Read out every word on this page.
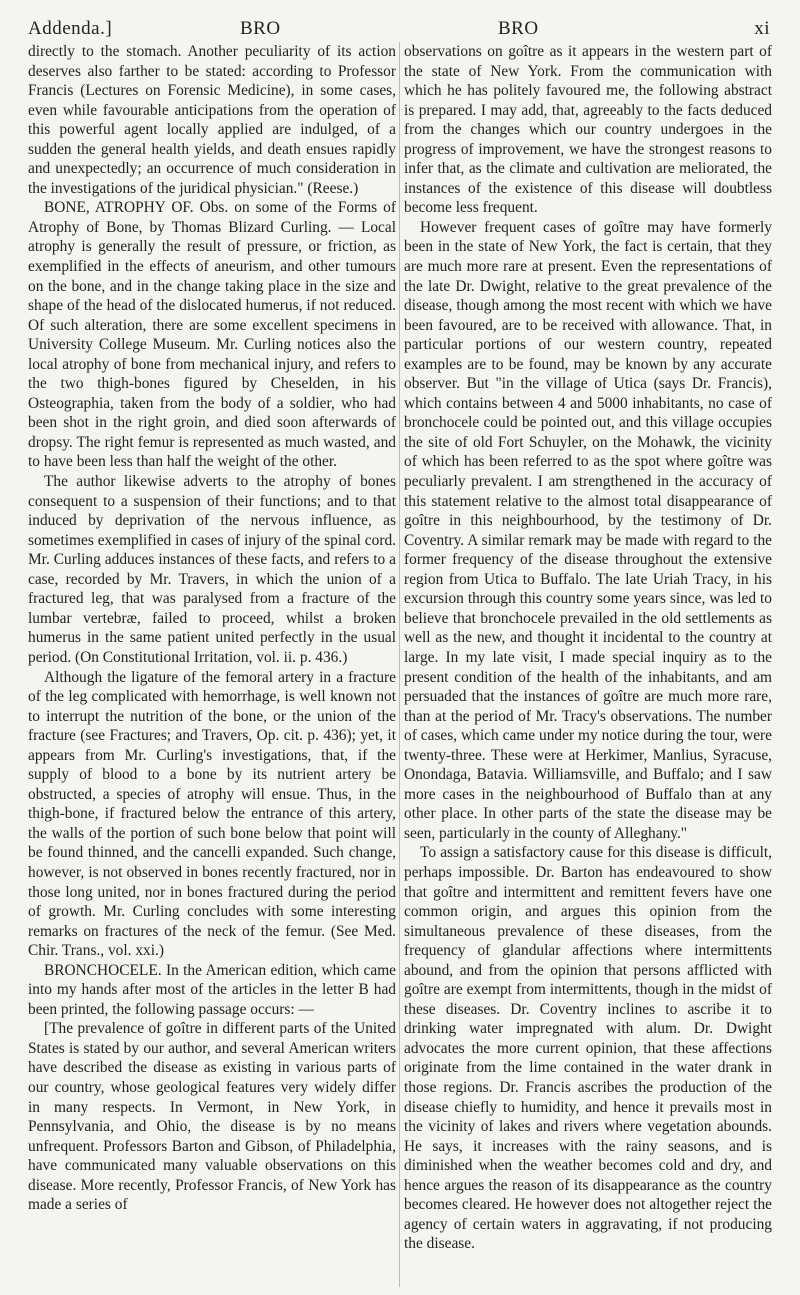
Addenda.]	BRO	BRO	xi

directly to the stomach. Another peculiarity of its action deserves also farther to be stated: according to Professor Francis (Lectures on Forensic Medicine), in some cases, even while favourable anticipations from the operation of this powerful agent locally applied are indulged, of a sudden the general health yields, and death ensues rapidly and unexpectedly; an occurrence of much consideration in the investigations of the juridical physician." (Reese.)

BONE, ATROPHY OF. Obs. on some of the Forms of Atrophy of Bone, by Thomas Blizard Curling. — Local atrophy is generally the result of pressure, or friction, as exemplified in the effects of aneurism, and other tumours on the bone, and in the change taking place in the size and shape of the head of the dislocated humerus, if not reduced. Of such alteration, there are some excellent specimens in University College Museum. Mr. Curling notices also the local atrophy of bone from mechanical injury, and refers to the two thigh-bones figured by Cheselden, in his Osteographia, taken from the body of a soldier, who had been shot in the right groin, and died soon afterwards of dropsy. The right femur is represented as much wasted, and to have been less than half the weight of the other.

The author likewise adverts to the atrophy of bones consequent to a suspension of their functions; and to that induced by deprivation of the nervous influence, as sometimes exemplified in cases of injury of the spinal cord. Mr. Curling adduces instances of these facts, and refers to a case, recorded by Mr. Travers, in which the union of a fractured leg, that was paralysed from a fracture of the lumbar vertebræ, failed to proceed, whilst a broken humerus in the same patient united perfectly in the usual period. (On Constitutional Irritation, vol. ii. p. 436.)

Although the ligature of the femoral artery in a fracture of the leg complicated with hemorrhage, is well known not to interrupt the nutrition of the bone, or the union of the fracture (see Fractures; and Travers, Op. cit. p. 436); yet, it appears from Mr. Curling's investigations, that, if the supply of blood to a bone by its nutrient artery be obstructed, a species of atrophy will ensue. Thus, in the thigh-bone, if fractured below the entrance of this artery, the walls of the portion of such bone below that point will be found thinned, and the cancelli expanded. Such change, however, is not observed in bones recently fractured, nor in those long united, nor in bones fractured during the period of growth. Mr. Curling concludes with some interesting remarks on fractures of the neck of the femur. (See Med. Chir. Trans., vol. xxi.)

BRONCHOCELE. In the American edition, which came into my hands after most of the articles in the letter B had been printed, the following passage occurs: —

[The prevalence of goître in different parts of the United States is stated by our author, and several American writers have described the disease as existing in various parts of our country, whose geological features very widely differ in many respects. In Vermont, in New York, in Pennsylvania, and Ohio, the disease is by no means unfrequent. Professors Barton and Gibson, of Philadelphia, have communicated many valuable observations on this disease. More recently, Professor Francis, of New York has made a series of

observations on goître as it appears in the western part of the state of New York. From the communication with which he has politely favoured me, the following abstract is prepared. I may add, that, agreeably to the facts deduced from the changes which our country undergoes in the progress of improvement, we have the strongest reasons to infer that, as the climate and cultivation are meliorated, the instances of the existence of this disease will doubtless become less frequent.

However frequent cases of goître may have formerly been in the state of New York, the fact is certain, that they are much more rare at present. Even the representations of the late Dr. Dwight, relative to the great prevalence of the disease, though among the most recent with which we have been favoured, are to be received with allowance. That, in particular portions of our western country, repeated examples are to be found, may be known by any accurate observer. But "in the village of Utica (says Dr. Francis), which contains between 4 and 5000 inhabitants, no case of bronchocele could be pointed out, and this village occupies the site of old Fort Schuyler, on the Mohawk, the vicinity of which has been referred to as the spot where goître was peculiarly prevalent. I am strengthened in the accuracy of this statement relative to the almost total disappearance of goître in this neighbourhood, by the testimony of Dr. Coventry. A similar remark may be made with regard to the former frequency of the disease throughout the extensive region from Utica to Buffalo. The late Uriah Tracy, in his excursion through this country some years since, was led to believe that bronchocele prevailed in the old settlements as well as the new, and thought it incidental to the country at large. In my late visit, I made special inquiry as to the present condition of the health of the inhabitants, and am persuaded that the instances of goître are much more rare, than at the period of Mr. Tracy's observations. The number of cases, which came under my notice during the tour, were twenty-three. These were at Herkimer, Manlius, Syracuse, Onondaga, Batavia. Williamsville, and Buffalo; and I saw more cases in the neighbourhood of Buffalo than at any other place. In other parts of the state the disease may be seen, particularly in the county of Alleghany."

To assign a satisfactory cause for this disease is difficult, perhaps impossible. Dr. Barton has endeavoured to show that goître and intermittent and remittent fevers have one common origin, and argues this opinion from the simultaneous prevalence of these diseases, from the frequency of glandular affections where intermittents abound, and from the opinion that persons afflicted with goître are exempt from intermittents, though in the midst of these diseases. Dr. Coventry inclines to ascribe it to drinking water impregnated with alum. Dr. Dwight advocates the more current opinion, that these affections originate from the lime contained in the water drank in those regions. Dr. Francis ascribes the production of the disease chiefly to humidity, and hence it prevails most in the vicinity of lakes and rivers where vegetation abounds. He says, it increases with the rainy seasons, and is diminished when the weather becomes cold and dry, and hence argues the reason of its disappearance as the country becomes cleared. He however does not altogether reject the agency of certain waters in aggravating, if not producing the disease.
